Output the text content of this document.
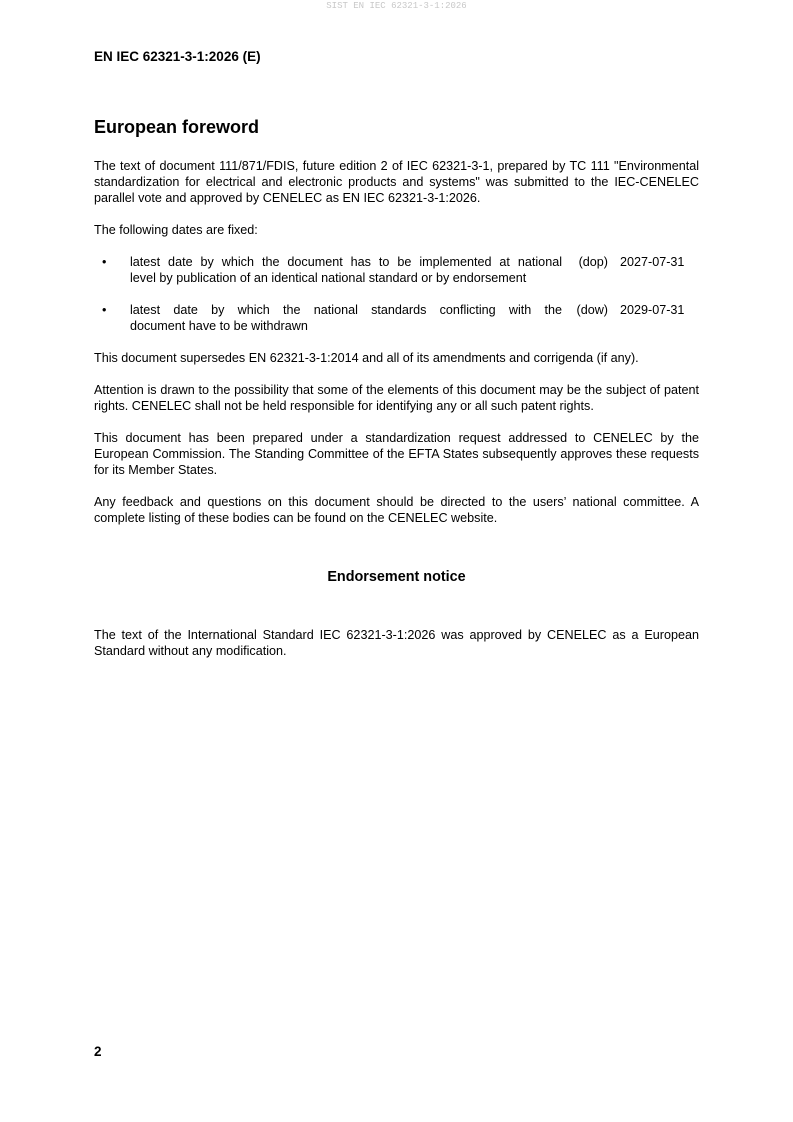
SIST EN IEC 62321-3-1:2026
EN IEC 62321-3-1:2026 (E)
European foreword
The text of document 111/871/FDIS, future edition 2 of IEC 62321-3-1, prepared by TC 111 "Environmental standardization for electrical and electronic products and systems" was submitted to the IEC-CENELEC parallel vote and approved by CENELEC as EN IEC 62321-3-1:2026.
The following dates are fixed:
• latest date by which the document has to be implemented at national
level by publication of an identical national standard or by endorsement
(dop) 2027-07-31
• latest date by which the national standards conflicting with the
document have to be withdrawn
(dow) 2029-07-31
This document supersedes EN 62321-3-1:2014 and all of its amendments and corrigenda (if any).
Attention is drawn to the possibility that some of the elements of this document may be the subject of patent rights. CENELEC shall not be held responsible for identifying any or all such patent rights.
This document has been prepared under a standardization request addressed to CENELEC by the European Commission. The Standing Committee of the EFTA States subsequently approves these requests for its Member States.
Any feedback and questions on this document should be directed to the users’ national committee. A complete listing of these bodies can be found on the CENELEC website.
Endorsement notice
The text of the International Standard IEC 62321-3-1:2026 was approved by CENELEC as a European Standard without any modification.
2
